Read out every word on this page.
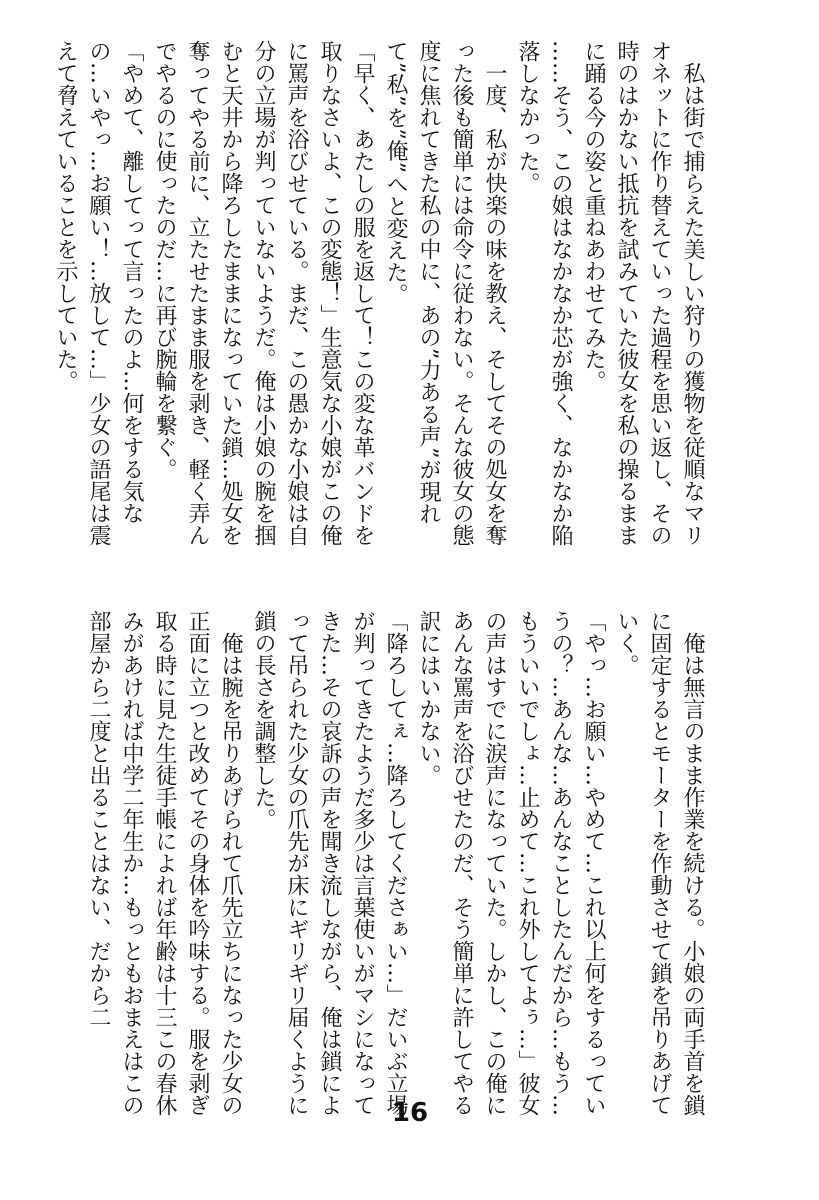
　私は街で捕らえた美しい狩りの獲物を従順なマリオネットに作り替えていった過程を思い返し、その時のはかない抵抗を試みていた彼女を私の操るままに踊る今の姿と重ねあわせてみた。

……そう、この娘はなかなか芯が強く、なかなか陥落しなかった。

　一度、私が快楽の味を教え、そしてその処女を奪った後も簡単には命令に従わない。そんな彼女の態度に焦れてきた私の中に、あの”力ある声”が現れて”私”を”俺”へと変えた。

「早く、あたしの服を返して！この変な革バンドを取りなさいよ、この変態！」生意気な小娘がこの俺に罵声を浴びせている。まだ、この愚かな小娘は自分の立場が判っていないようだ。俺は小娘の腕を掴むと天井から降ろしたままになっていた鎖…処女を奪ってやる前に、立たせたまま服を剥き、軽く弄んでやるのに使ったのだ…に再び腕輪を繋ぐ。

「やめて、離してって言ったのよ…何をする気なの…いやっ…お願い！…放して…」少女の語尾は震えて脅えていることを示していた。

　俺は無言のまま作業を続ける。小娘の両手首を鎖に固定するとモーターを作動させて鎖を吊りあげていく。

「やっ…お願い…やめて…これ以上何をするっていうの？…あんな…あんなことしたんだから…もう…もういいでしょ…止めて…これ外してよぅ…」彼女の声はすでに涙声になっていた。しかし、この俺にあんな罵声を浴びせたのだ、そう簡単に許してやる訳にはいかない。

「降ろしてぇ…降ろしてくださぁい…」だいぶ立場が判ってきたようだ多少は言葉使いがマシになってきた…その哀訴の声を聞き流しながら、俺は鎖によって吊られた少女の爪先が床にギリギリ届くように鎖の長さを調整した。

　俺は腕を吊りあげられて爪先立ちになった少女の正面に立つと改めてその身体を吟味する。服を剥ぎ取る時に見た生徒手帳によれば年齢は十三この春休みがあければ中学二年生か…もっともおまえはこの部屋から二度と出ることはない、だから二

16
